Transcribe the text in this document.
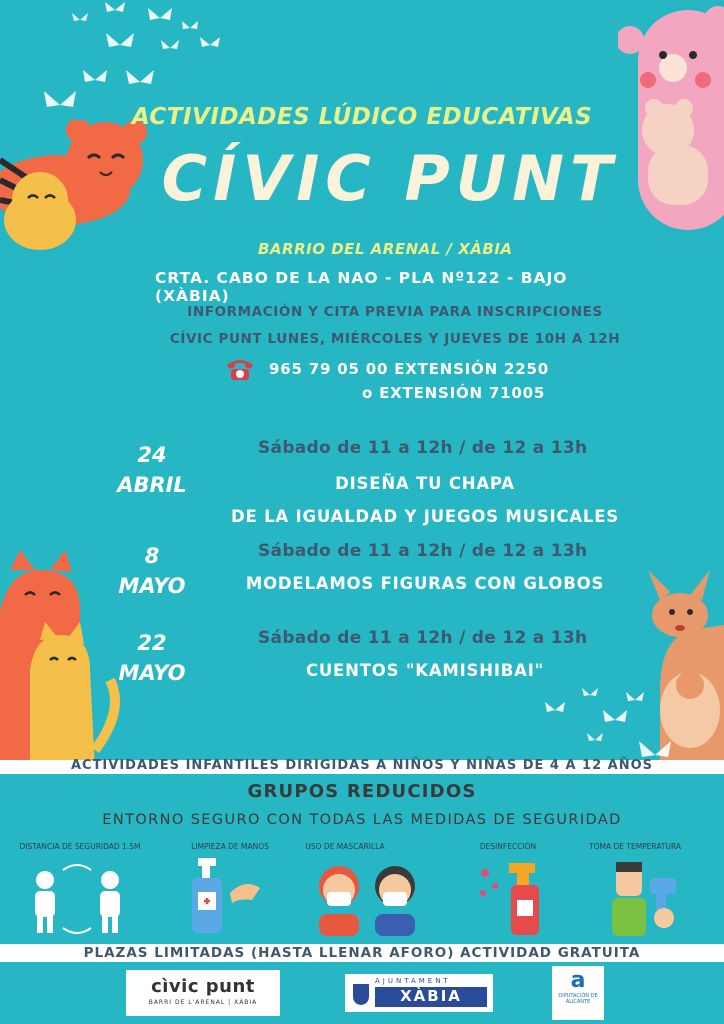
ACTIVIDADES LÚDICO EDUCATIVAS
CÍVIC PUNT
BARRIO DEL ARENAL / XÀBIA
CRTA. CABO DE LA NAO - PLA Nº122 - BAJO (XÀBIA)
INFORMACIÓN Y CITA PREVIA PARA INSCRIPCIONES
CÍVIC PUNT LUNES, MIÉRCOLES Y JUEVES DE 10H A 12H
965 79 05 00 EXTENSIÓN 2250
o EXTENSIÓN 71005
24
ABRIL
Sábado de 11 a 12h / de 12 a 13h
DISEÑA TU CHAPA
DE LA IGUALDAD Y JUEGOS MUSICALES
8
MAYO
Sábado de 11 a 12h / de 12 a 13h
MODELAMOS FIGURAS CON GLOBOS
22
MAYO
Sábado de 11 a 12h / de 12 a 13h
CUENTOS "KAMISHIBAI"
ACTIVIDADES INFANTILES DIRIGIDAS A NIÑOS Y NIÑAS DE 4 A 12 AÑOS
GRUPOS REDUCIDOS
ENTORNO SEGURO CON TODAS LAS MEDIDAS DE SEGURIDAD
DISTANCIA DE SEGURIDAD 1.5M	LIMPIEZA DE MANOS	USO DE MASCARILLA	DESINFECCIÓN	TOMA DE TEMPERATURA
PLAZAS LIMITADAS (HASTA LLENAR AFORO) ACTIVIDAD GRATUITA
cìvic punt
BARRI DE L'ARENAL | XÀBIA
AJUNTAMENT
XÀBIA
a
DIPUTACIÓN DE ALICANTE
